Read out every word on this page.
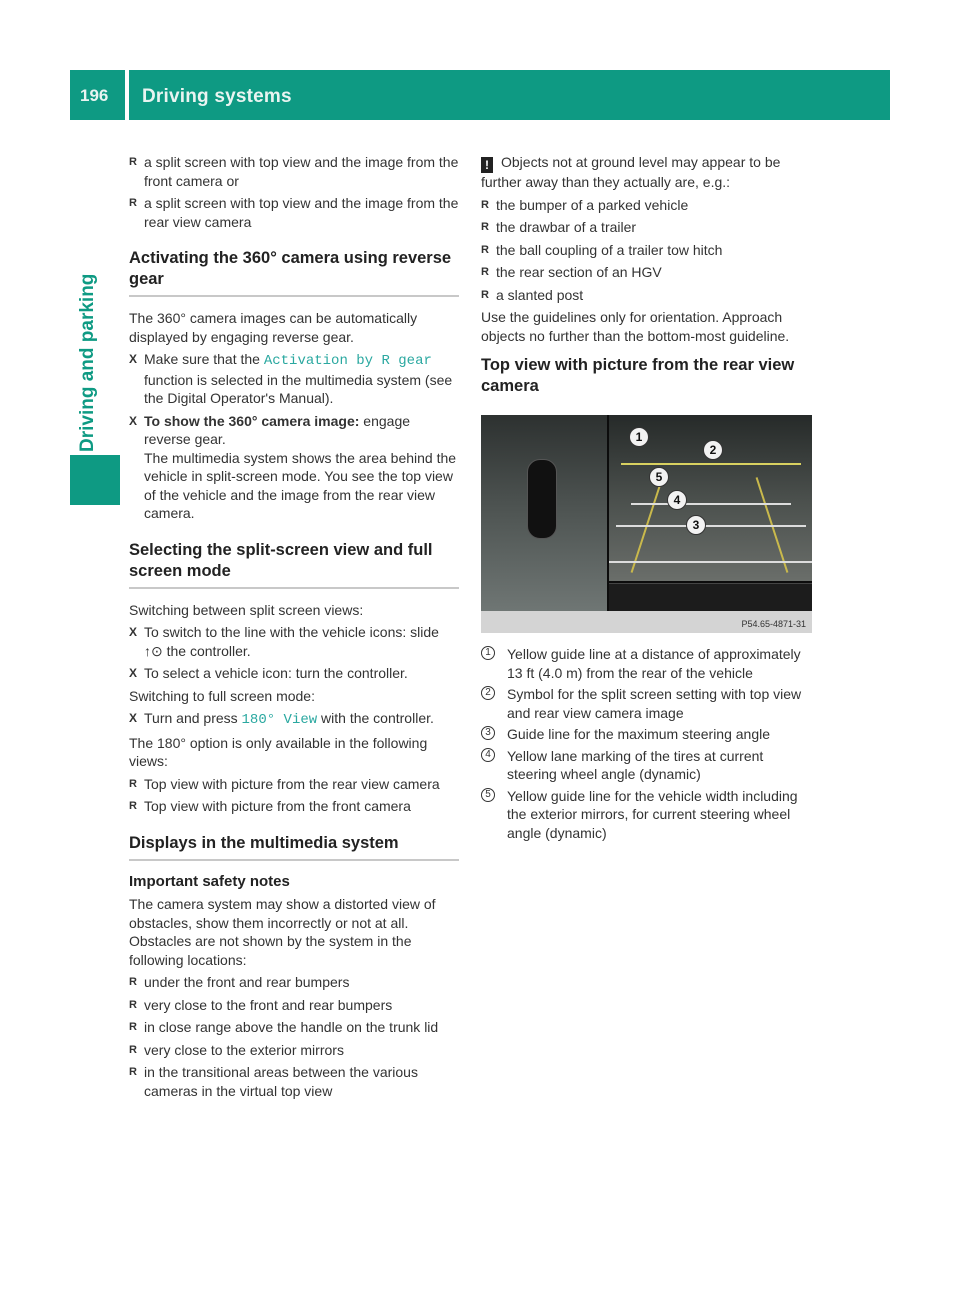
196	Driving systems
Driving and parking
R a split screen with top view and the image from the front camera or
R a split screen with top view and the image from the rear view camera
Activating the 360° camera using reverse gear
The 360° camera images can be automatically displayed by engaging reverse gear.
X Make sure that the Activation by R gear function is selected in the multimedia system (see the Digital Operator's Manual).
X To show the 360° camera image: engage reverse gear.
The multimedia system shows the area behind the vehicle in split-screen mode. You see the top view of the vehicle and the image from the rear view camera.
Selecting the split-screen view and full screen mode
Switching between split screen views:
X To switch to the line with the vehicle icons: slide ↑⊙ the controller.
X To select a vehicle icon: turn the controller.
Switching to full screen mode:
X Turn and press 180° View with the controller.
The 180° option is only available in the following views:
R Top view with picture from the rear view camera
R Top view with picture from the front camera
Displays in the multimedia system
Important safety notes
The camera system may show a distorted view of obstacles, show them incorrectly or not at all. Obstacles are not shown by the system in the following locations:
R under the front and rear bumpers
R very close to the front and rear bumpers
R in close range above the handle on the trunk lid
R very close to the exterior mirrors
R in the transitional areas between the various cameras in the virtual top view
! Objects not at ground level may appear to be further away than they actually are, e.g.:
R the bumper of a parked vehicle
R the drawbar of a trailer
R the ball coupling of a trailer tow hitch
R the rear section of an HGV
R a slanted post
Use the guidelines only for orientation. Approach objects no further than the bottom-most guideline.
Top view with picture from the rear view camera
1
2
5
4
3
P54.65-4871-31
1	Yellow guide line at a distance of approximately 13 ft (4.0 m) from the rear of the vehicle
2	Symbol for the split screen setting with top view and rear view camera image
3	Guide line for the maximum steering angle
4	Yellow lane marking of the tires at current steering wheel angle (dynamic)
5	Yellow guide line for the vehicle width including the exterior mirrors, for current steering wheel angle (dynamic)
